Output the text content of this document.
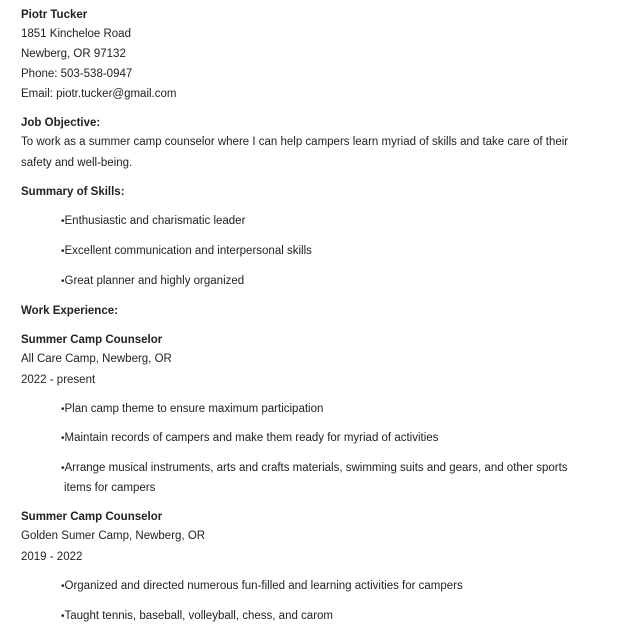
Piotr Tucker
1851 Kincheloe Road
Newberg, OR 97132
Phone: 503-538-0947
Email: piotr.tucker@gmail.com
Job Objective:
To work as a summer camp counselor where I can help campers learn myriad of skills and take care of their
safety and well-being.
Summary of Skills:
•Enthusiastic and charismatic leader
•Excellent communication and interpersonal skills
•Great planner and highly organized
Work Experience:
Summer Camp Counselor
All Care Camp, Newberg, OR
2022 - present
•Plan camp theme to ensure maximum participation
•Maintain records of campers and make them ready for myriad of activities
•Arrange musical instruments, arts and crafts materials, swimming suits and gears, and other sports
items for campers
Summer Camp Counselor
Golden Sumer Camp, Newberg, OR
2019 - 2022
•Organized and directed numerous fun-filled and learning activities for campers
•Taught tennis, baseball, volleyball, chess, and carom
